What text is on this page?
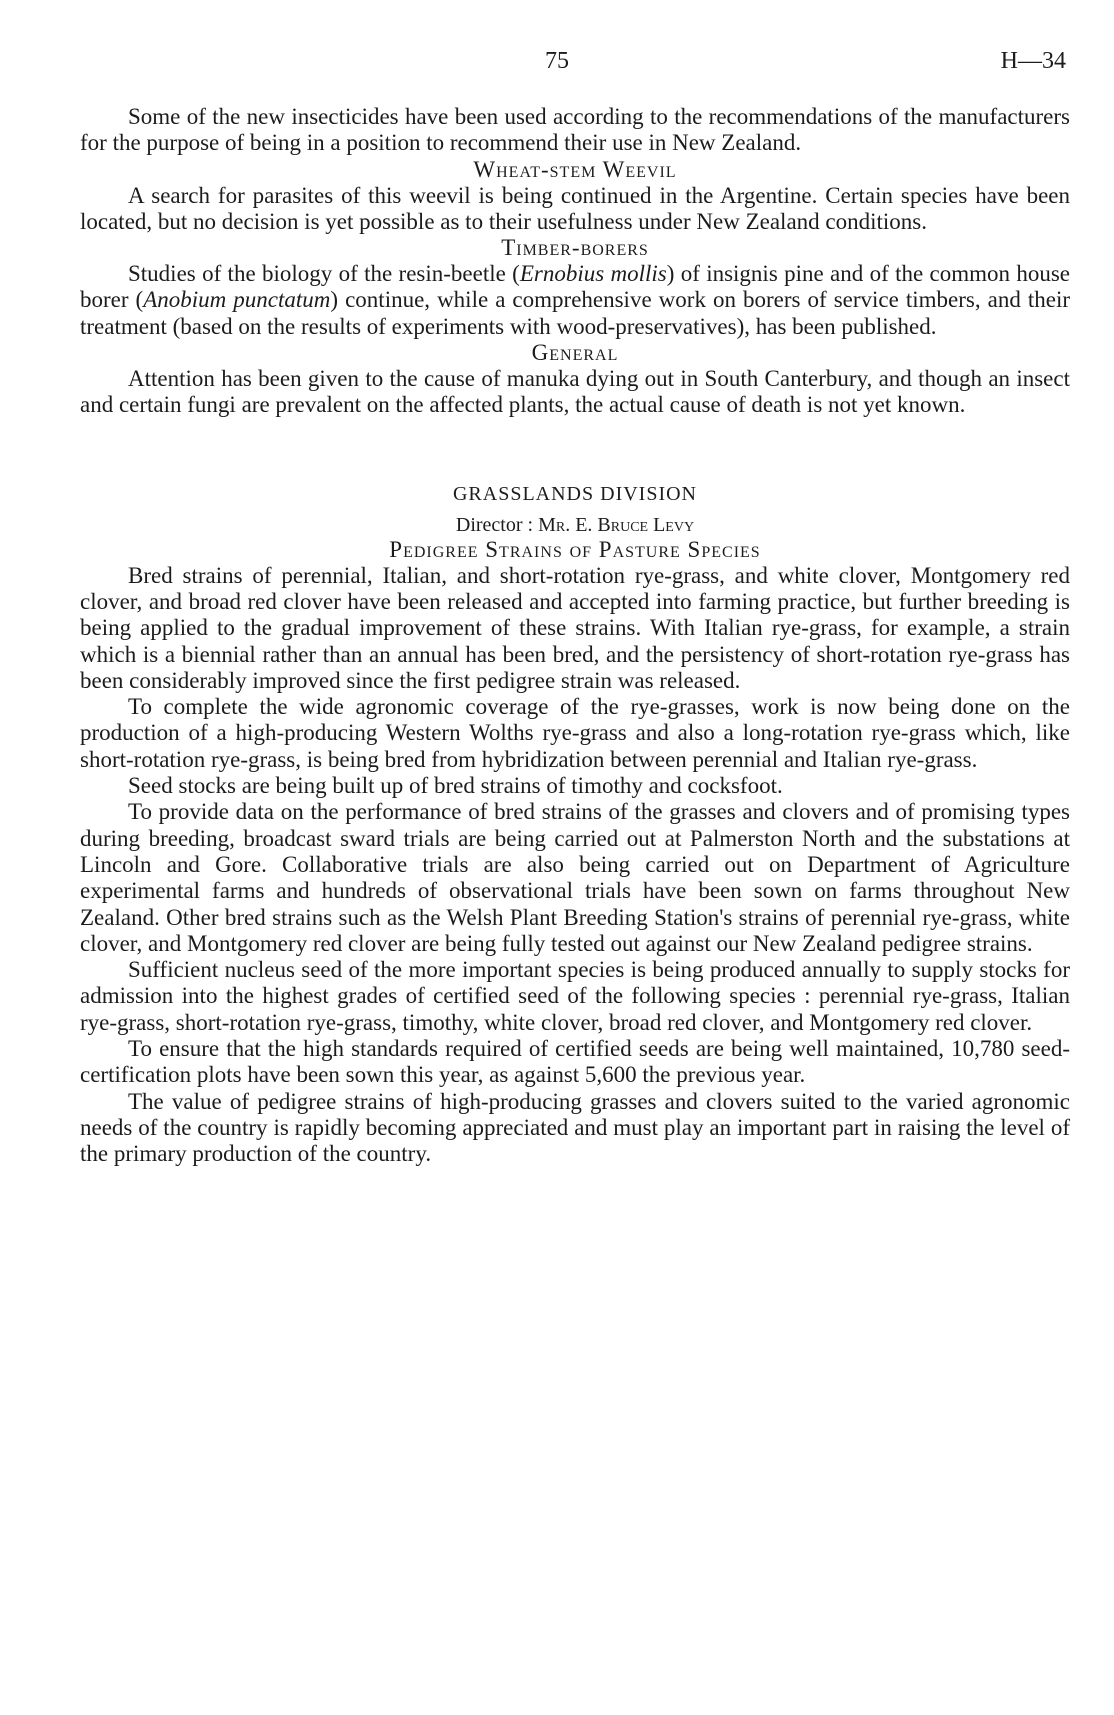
75	H—34

Some of the new insecticides have been used according to the recommendations of the manufacturers for the purpose of being in a position to recommend their use in New Zealand.

Wheat-stem Weevil

A search for parasites of this weevil is being continued in the Argentine. Certain species have been located, but no decision is yet possible as to their usefulness under New Zealand conditions.

Timber-borers

Studies of the biology of the resin-beetle (Ernobius mollis) of insignis pine and of the common house borer (Anobium punctatum) continue, while a comprehensive work on borers of service timbers, and their treatment (based on the results of experiments with wood-preservatives), has been published.

General

Attention has been given to the cause of manuka dying out in South Canterbury, and though an insect and certain fungi are prevalent on the affected plants, the actual cause of death is not yet known.

GRASSLANDS DIVISION
Director : Mr. E. Bruce Levy
Pedigree Strains of Pasture Species

Bred strains of perennial, Italian, and short-rotation rye-grass, and white clover, Montgomery red clover, and broad red clover have been released and accepted into farming practice, but further breeding is being applied to the gradual improvement of these strains. With Italian rye-grass, for example, a strain which is a biennial rather than an annual has been bred, and the persistency of short-rotation rye-grass has been considerably improved since the first pedigree strain was released.

To complete the wide agronomic coverage of the rye-grasses, work is now being done on the production of a high-producing Western Wolths rye-grass and also a long-rotation rye-grass which, like short-rotation rye-grass, is being bred from hybridization between perennial and Italian rye-grass.

Seed stocks are being built up of bred strains of timothy and cocksfoot.

To provide data on the performance of bred strains of the grasses and clovers and of promising types during breeding, broadcast sward trials are being carried out at Palmerston North and the substations at Lincoln and Gore. Collaborative trials are also being carried out on Department of Agriculture experimental farms and hundreds of observational trials have been sown on farms throughout New Zealand. Other bred strains such as the Welsh Plant Breeding Station's strains of perennial rye-grass, white clover, and Montgomery red clover are being fully tested out against our New Zealand pedigree strains.

Sufficient nucleus seed of the more important species is being produced annually to supply stocks for admission into the highest grades of certified seed of the following species : perennial rye-grass, Italian rye-grass, short-rotation rye-grass, timothy, white clover, broad red clover, and Montgomery red clover.

To ensure that the high standards required of certified seeds are being well maintained, 10,780 seed-certification plots have been sown this year, as against 5,600 the previous year.

The value of pedigree strains of high-producing grasses and clovers suited to the varied agronomic needs of the country is rapidly becoming appreciated and must play an important part in raising the level of the primary production of the country.
